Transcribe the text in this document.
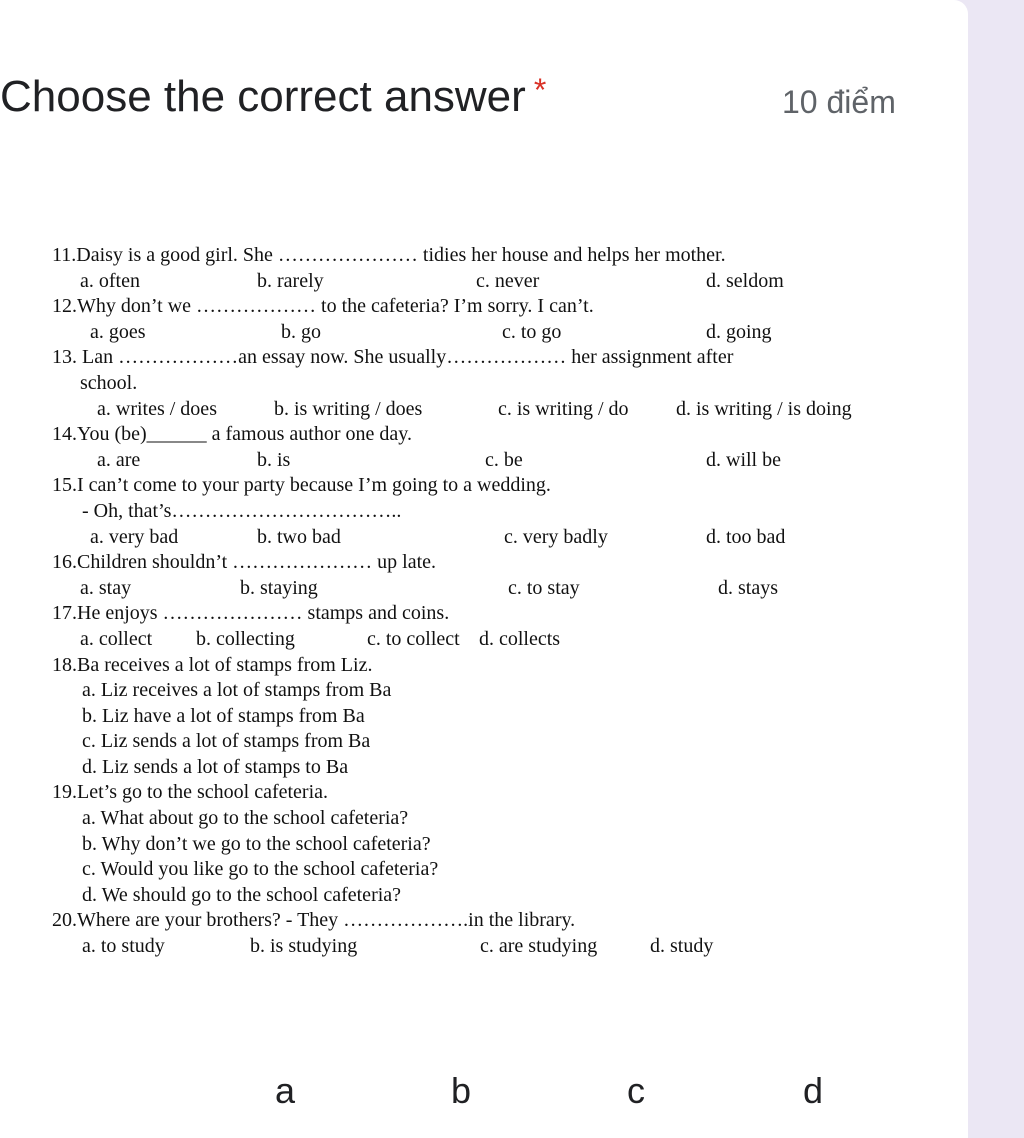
Choose the correct answer *	10 điểm
11.Daisy is a good girl. She ………………… tidies her house and helps her mother.
a. often	b. rarely	c. never	d. seldom
12.Why don’t we ……………… to the cafeteria? I’m sorry. I can’t.
a. goes	b. go	c. to go	d. going
13. Lan ………………an essay now. She usually……………… her assignment after
school.
a. writes / does	b. is writing / does	c. is writing / do d. is writing / is doing
14.You (be)______ a famous author one day.
a. are	b. is	c. be	d. will be
15.I can’t come to your party because I’m going to a wedding.
- Oh, that’s……………………………..
a. very bad	b. two bad	c. very badly	d. too bad
16.Children shouldn’t ………………… up late.
a. stay	b. staying	c. to stay	d. stays
17.He enjoys ………………… stamps and coins.
a. collect b. collecting	c. to collect d. collects
18.Ba receives a lot of stamps from Liz.
a. Liz receives a lot of stamps from Ba
b. Liz have a lot of stamps from Ba
c. Liz sends a lot of stamps from Ba
d. Liz sends a lot of stamps to Ba
19.Let’s go to the school cafeteria.
a. What about go to the school cafeteria?
b. Why don’t we go to the school cafeteria?
c. Would you like go to the school cafeteria?
d. We should go to the school cafeteria?
20.Where are your brothers? - They ……………….in the library.
a. to study	b. is studying	c. are studying	d. study
a	b	c	d
